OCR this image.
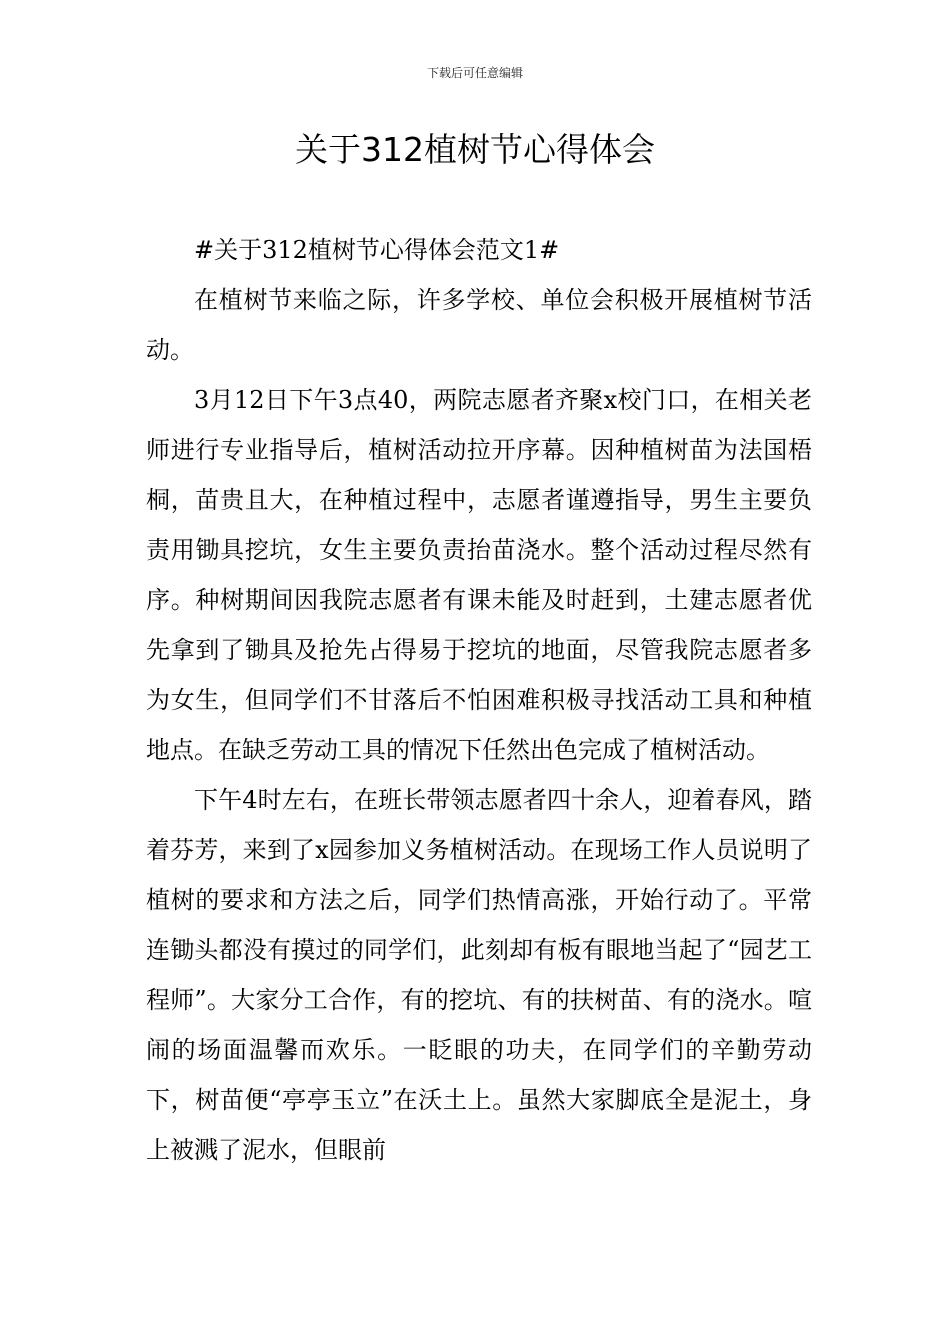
下载后可任意编辑
关于312植树节心得体会

#关于312植树节心得体会范文1#

在植树节来临之际，许多学校、单位会积极开展植树节活动。

3月12日下午3点40，两院志愿者齐聚x校门口，在相关老师进行专业指导后，植树活动拉开序幕。因种植树苗为法国梧桐，苗贵且大，在种植过程中，志愿者谨遵指导，男生主要负责用锄具挖坑，女生主要负责抬苗浇水。整个活动过程尽然有序。种树期间因我院志愿者有课未能及时赶到，土建志愿者优先拿到了锄具及抢先占得易于挖坑的地面，尽管我院志愿者多为女生，但同学们不甘落后不怕困难积极寻找活动工具和种植地点。在缺乏劳动工具的情况下任然出色完成了植树活动。

下午4时左右，在班长带领志愿者四十余人，迎着春风，踏着芬芳，来到了x园参加义务植树活动。在现场工作人员说明了植树的要求和方法之后，同学们热情高涨，开始行动了。平常连锄头都没有摸过的同学们，此刻却有板有眼地当起了“园艺工程师”。大家分工合作，有的挖坑、有的扶树苗、有的浇水。喧闹的场面温馨而欢乐。一眨眼的功夫，在同学们的辛勤劳动下，树苗便“亭亭玉立”在沃土上。虽然大家脚底全是泥土，身上被溅了泥水，但眼前
